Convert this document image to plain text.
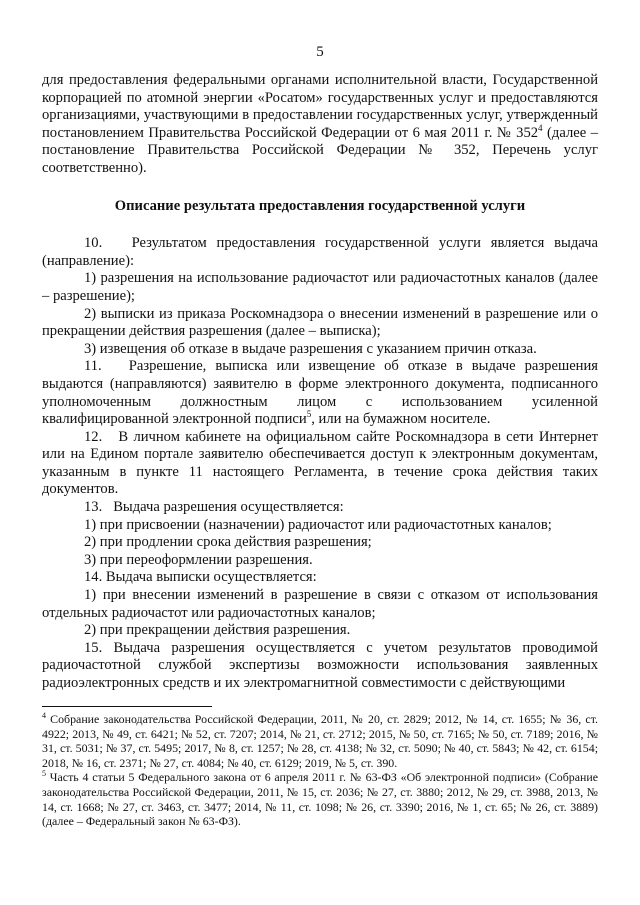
5

для предоставления федеральными органами исполнительной власти, Государственной корпорацией по атомной энергии «Росатом» государственных услуг и предоставляются организациями, участвующими в предоставлении государственных услуг, утвержденный постановлением Правительства Российской Федерации от 6 мая 2011 г. № $352^4$ (далее – постановление Правительства Российской Федерации № 352, Перечень услуг соответственно).

Описание результата предоставления государственной услуги

10.   Результатом предоставления государственной услуги является выдача (направление):

1) разрешения на использование радиочастот или радиочастотных каналов (далее – разрешение);

2) выписки из приказа Роскомнадзора о внесении изменений в разрешение или о прекращении действия разрешения (далее – выписка);

3) извещения об отказе в выдаче разрешения с указанием причин отказа.

11.   Разрешение, выписка или извещение об отказе в выдаче разрешения выдаются (направляются) заявителю в форме электронного документа, подписанного уполномоченным должностным лицом с использованием усиленной квалифицированной электронной подписи$^5$, или на бумажном носителе.

12.   В личном кабинете на официальном сайте Роскомнадзора в сети Интернет или на Едином портале заявителю обеспечивается доступ к электронным документам, указанным в пункте 11 настоящего Регламента, в течение срока действия таких документов.

13.   Выдача разрешения осуществляется:

1) при присвоении (назначении) радиочастот или радиочастотных каналов;

2) при продлении срока действия разрешения;

3) при переоформлении разрешения.

14. Выдача выписки осуществляется:

1) при внесении изменений в разрешение в связи с отказом от использования отдельных радиочастот или радиочастотных каналов;

2) при прекращении действия разрешения.

15. Выдача разрешения осуществляется с учетом результатов проводимой радиочастотной службой экспертизы возможности использования заявленных радиоэлектронных средств и их электромагнитной совместимости с действующими

$^4$ Собрание законодательства Российской Федерации, 2011, № 20, ст. 2829; 2012, № 14, ст. 1655; № 36, ст. 4922; 2013, № 49, ст. 6421; № 52, ст. 7207; 2014, № 21, ст. 2712; 2015, № 50, ст. 7165; № 50, ст. 7189; 2016, № 31, ст. 5031; № 37, ст. 5495; 2017, № 8, ст. 1257; № 28, ст. 4138; № 32, ст. 5090; № 40, ст. 5843; № 42, ст. 6154; 2018, № 16, ст. 2371; № 27, ст. 4084; № 40, ст. 6129; 2019, № 5, ст. 390.

$^5$ Часть 4 статьи 5 Федерального закона от 6 апреля 2011 г. № 63-ФЗ «Об электронной подписи» (Собрание законодательства Российской Федерации, 2011, № 15, ст. 2036; № 27, ст. 3880; 2012, № 29, ст. 3988, 2013, № 14, ст. 1668; № 27, ст. 3463, ст. 3477; 2014, № 11, ст. 1098; № 26, ст. 3390; 2016, № 1, ст. 65; № 26, ст. 3889) (далее – Федеральный закон № 63-ФЗ).
